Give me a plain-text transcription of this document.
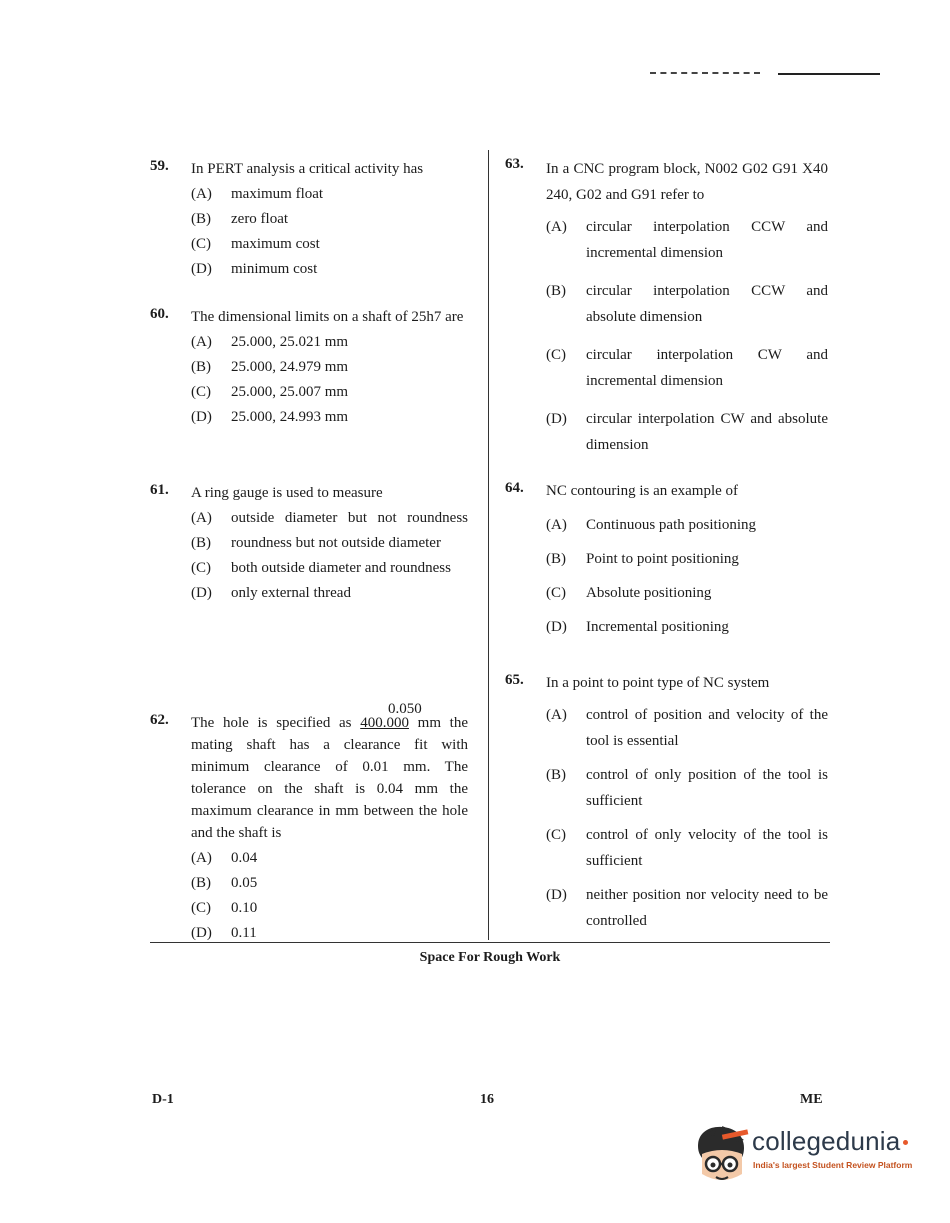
59. In PERT analysis a critical activity has
(A) maximum float
(B) zero float
(C) maximum cost
(D) minimum cost
60. The dimensional limits on a shaft of 25h7 are
(A) 25.000, 25.021 mm
(B) 25.000, 24.979 mm
(C) 25.000, 25.007 mm
(D) 25.000, 24.993 mm
61. A ring gauge is used to measure
(A) outside diameter but not roundness
(B) roundness but not outside diameter
(C) both outside diameter and roundness
(D) only external thread
62.
0.050
The hole is specified as 400.000 mm the mating shaft has a clearance fit with minimum clearance of 0.01 mm. The tolerance on the shaft is 0.04 mm the maximum clearance in mm between the hole and the shaft is
(A) 0.04
(B) 0.05
(C) 0.10
(D) 0.11
63. In a CNC program block, N002 G02 G91 X40 240, G02 and G91 refer to
(A) circular interpolation CCW and incremental dimension
(B) circular interpolation CCW and absolute dimension
(C) circular interpolation CW and incremental dimension
(D) circular interpolation CW and absolute dimension
64. NC contouring is an example of
(A) Continuous path positioning
(B) Point to point positioning
(C) Absolute positioning
(D) Incremental positioning
65. In a point to point type of NC system
(A) control of position and velocity of the tool is essential
(B) control of only position of the tool is sufficient
(C) control of only velocity of the tool is sufficient
(D) neither position nor velocity need to be controlled
Space For Rough Work
D-1	16	ME
collegedunia
India's largest Student Review Platform
